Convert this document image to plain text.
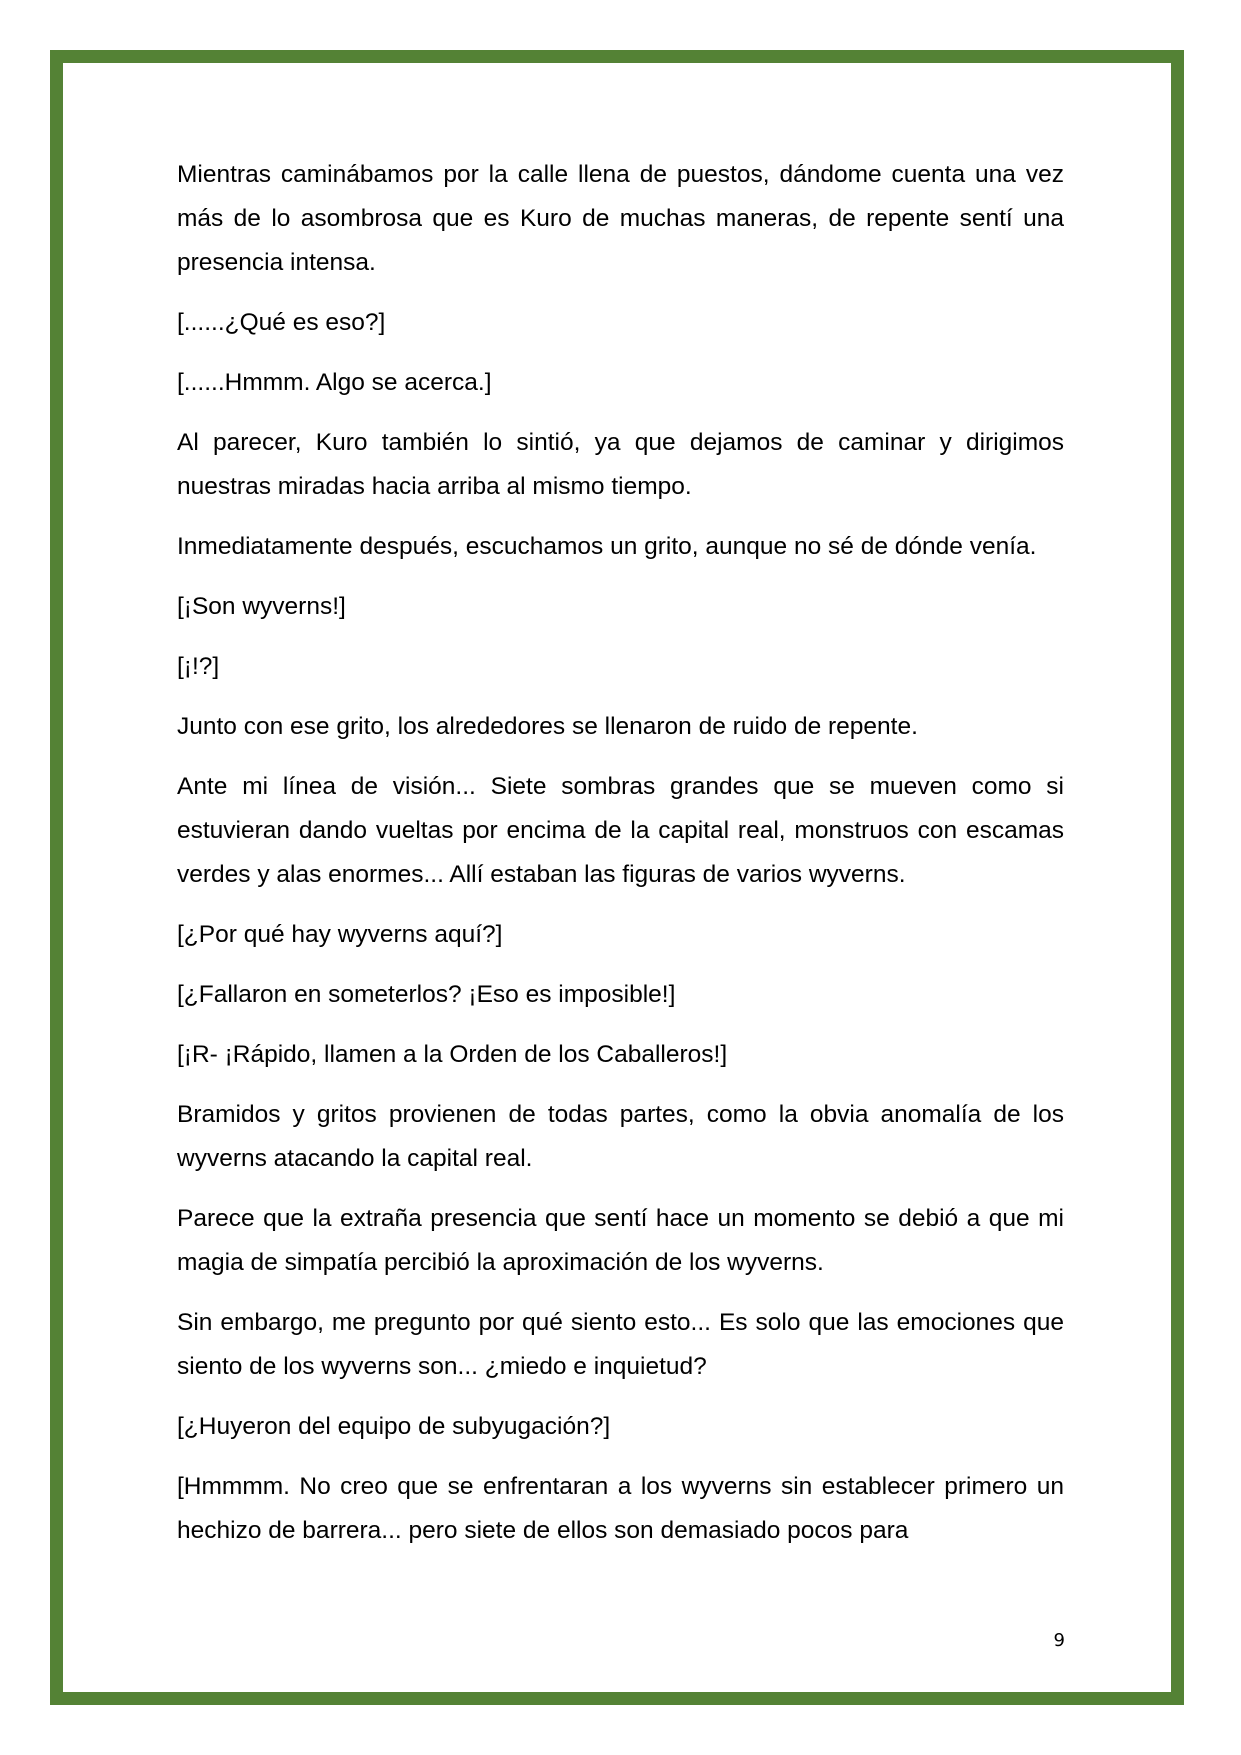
Mientras caminábamos por la calle llena de puestos, dándome cuenta una vez más de lo asombrosa que es Kuro de muchas maneras, de repente sentí una presencia intensa.

[......¿Qué es eso?]

[......Hmmm. Algo se acerca.]

Al parecer, Kuro también lo sintió, ya que dejamos de caminar y dirigimos nuestras miradas hacia arriba al mismo tiempo.

Inmediatamente después, escuchamos un grito, aunque no sé de dónde venía.

[¡Son wyverns!]

[¡!?]

Junto con ese grito, los alrededores se llenaron de ruido de repente.

Ante mi línea de visión... Siete sombras grandes que se mueven como si estuvieran dando vueltas por encima de la capital real, monstruos con escamas verdes y alas enormes... Allí estaban las figuras de varios wyverns.

[¿Por qué hay wyverns aquí?]

[¿Fallaron en someterlos? ¡Eso es imposible!]

[¡R- ¡Rápido, llamen a la Orden de los Caballeros!]

Bramidos y gritos provienen de todas partes, como la obvia anomalía de los wyverns atacando la capital real.

Parece que la extraña presencia que sentí hace un momento se debió a que mi magia de simpatía percibió la aproximación de los wyverns.

Sin embargo, me pregunto por qué siento esto... Es solo que las emociones que siento de los wyverns son... ¿miedo e inquietud?

[¿Huyeron del equipo de subyugación?]

[Hmmmm. No creo que se enfrentaran a los wyverns sin establecer primero un hechizo de barrera... pero siete de ellos son demasiado pocos para

9
